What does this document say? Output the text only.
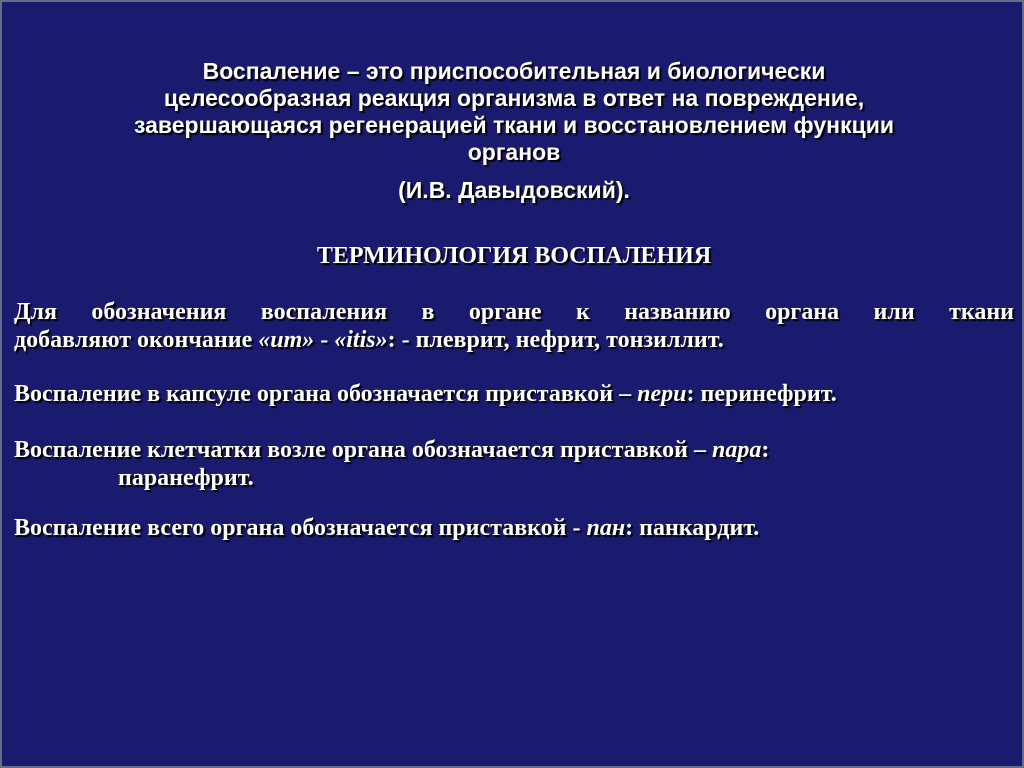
Воспаление – это приспособительная и биологически
целесообразная реакция организма в ответ на повреждение,
завершающаяся регенерацией ткани и восстановлением функции
органов
(И.В. Давыдовский).
ТЕРМИНОЛОГИЯ ВОСПАЛЕНИЯ
Для обозначения воспаления в органе к названию органа или ткани
добавляют окончание «ит» - «itis»: - плеврит, нефрит, тонзиллит.
Воспаление в капсуле органа обозначается приставкой – пери: перинефрит.
Воспаление клетчатки возле органа обозначается приставкой – пара:
паранефрит.
Воспаление всего органа обозначается приставкой - пан: панкардит.
